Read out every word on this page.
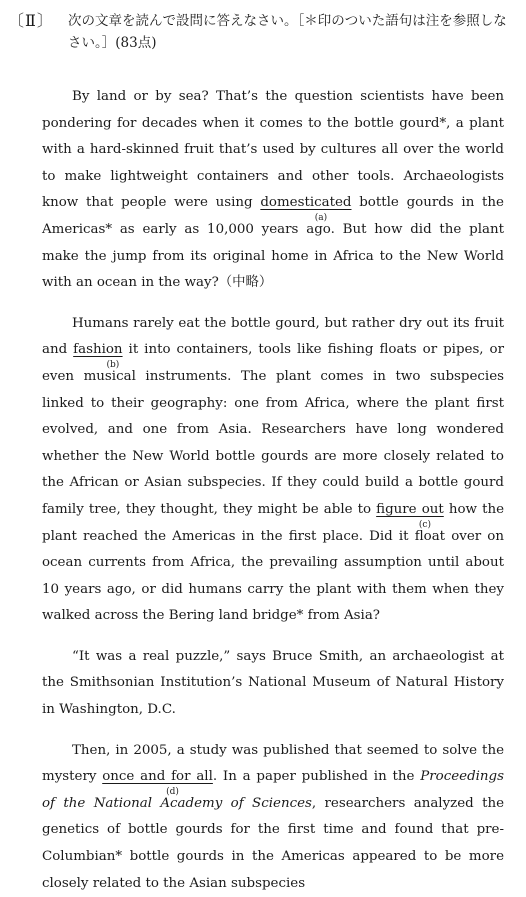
〔Ⅱ〕 次の文章を読んで設問に答えなさい。［＊印のついた語句は注を参照しなさい。］(83点)

By land or by sea? That’s the question scientists have been pondering for decades when it comes to the bottle gourd*, a plant with a hard-skinned fruit that’s used by cultures all over the world to make lightweight containers and other tools. Archaeologists know that people were using domesticated
(a)
bottle gourds in the Americas* as early as 10,000 years ago. But how did the plant make the jump from its original home in Africa to the New World with an ocean in the way?（中略）

Humans rarely eat the bottle gourd, but rather dry out its fruit and fashion
(b)
it into containers, tools like fishing floats or pipes, or even musical instruments. The plant comes in two subspecies linked to their geography: one from Africa, where the plant first evolved, and one from Asia. Researchers have long wondered whether the New World bottle gourds are more closely related to the African or Asian subspecies. If they could build a bottle gourd family tree, they thought, they might be able to figure out
(c)
how the plant reached the Americas in the first place. Did it float over on ocean currents from Africa, the prevailing assumption until about 10 years ago, or did humans carry the plant with them when they walked across the Bering land bridge* from Asia?

“It was a real puzzle,” says Bruce Smith, an archaeologist at the Smithsonian Institution’s National Museum of Natural History in Washington, D.C.

Then, in 2005, a study was published that seemed to solve the mystery once and for all
(d)
. In a paper published in the Proceedings of the National Academy of Sciences, researchers analyzed the genetics of bottle gourds for the first time and found that pre-Columbian* bottle gourds in the Americas appeared to be more closely related to the Asian subspecies
